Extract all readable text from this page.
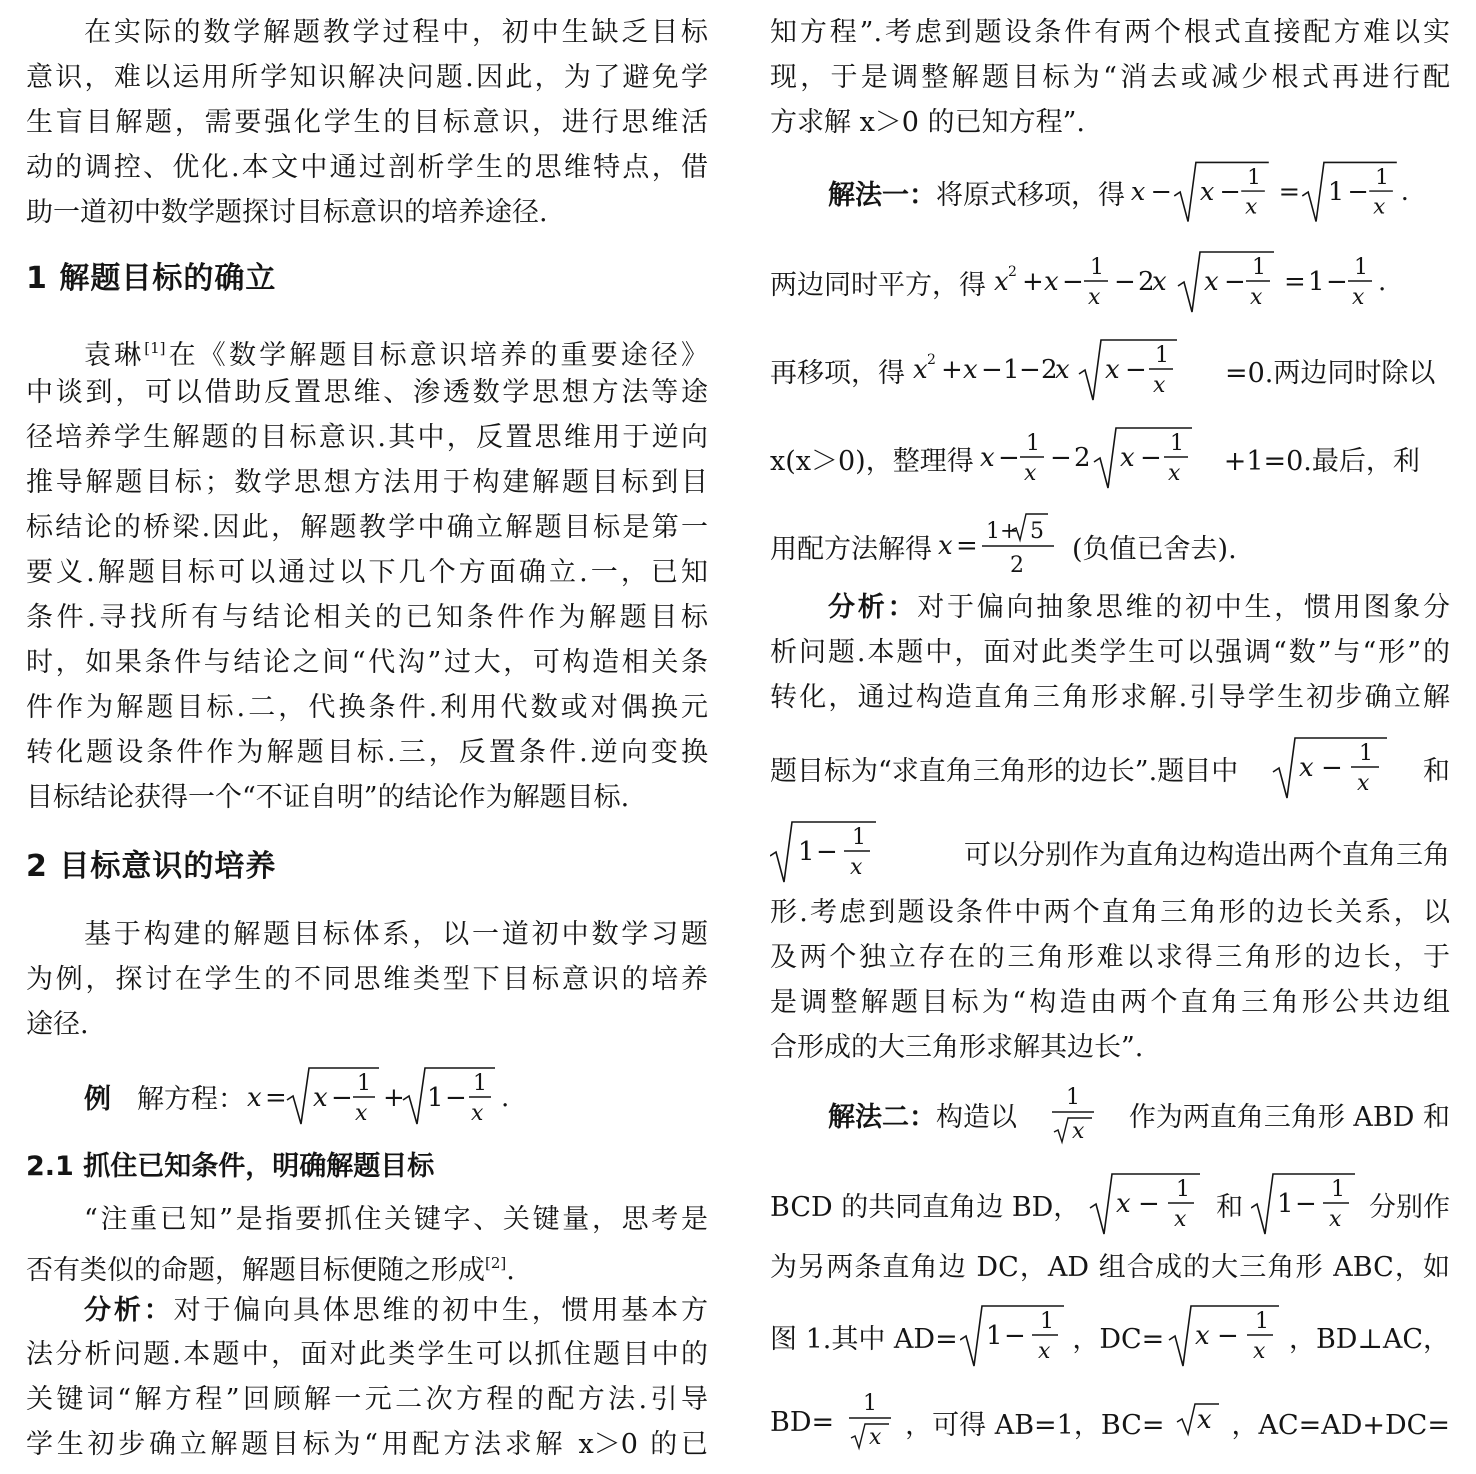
在实际的数学解题教学过程中，初中生缺乏目标
意识，难以运用所学知识解决问题.因此，为了避免学
生盲目解题，需要强化学生的目标意识，进行思维活
动的调控、优化.本文中通过剖析学生的思维特点，借
助一道初中数学题探讨目标意识的培养途径.
1 解题目标的确立
袁琳[1]在《数学解题目标意识培养的重要途径》
中谈到，可以借助反置思维、渗透数学思想方法等途
径培养学生解题的目标意识.其中，反置思维用于逆向
推导解题目标；数学思想方法用于构建解题目标到目
标结论的桥梁.因此，解题教学中确立解题目标是第一
要义.解题目标可以通过以下几个方面确立.一，已知
条件.寻找所有与结论相关的已知条件作为解题目标
时，如果条件与结论之间“代沟”过大，可构造相关条
件作为解题目标.二，代换条件.利用代数或对偶换元
转化题设条件作为解题目标.三，反置条件.逆向变换
目标结论获得一个“不证自明”的结论作为解题目标.
2 目标意识的培养
基于构建的解题目标体系，以一道初中数学习题
为例，探讨在学生的不同思维类型下目标意识的培养
途径.
例 解方程： x = x − 1
x
+ 1 − 1
x
.
2.1 抓住已知条件，明确解题目标
“注重已知”是指要抓住关键字、关键量，思考是
否有类似的命题，解题目标便随之形成[2].
分析：对于偏向具体思维的初中生，惯用基本方
法分析问题.本题中，面对此类学生可以抓住题目中的
关键词“解方程”回顾解一元二次方程的配方法.引导
学生初步确立解题目标为“用配方法求解 x＞0 的已
知方程”.考虑到题设条件有两个根式直接配方难以实
现，于是调整解题目标为“消去或减少根式再进行配
方求解 x＞0 的已知方程”.
解法一： 将原式移项，得 x − x − 1
x
= 1 − 1
x
.
两边同时平方，得 x 2 + x − 1
x
− 2
x x − 1
x
= 1 − 1
x
.
再移项，得 x 2 + x − 1 − 2
x x − 1
x =0.两边同时除以
x(x＞0)，整理得 x − 1
x
− 2 x − 1
x +1=0.最后，利
用配方法解得 x = 1+ 5
2
(负值已舍去).
分析：对于偏向抽象思维的初中生，惯用图象分
析问题.本题中，面对此类学生可以强调“数”与“形”的
转化，通过构造直角三角形求解.引导学生初步确立解
题目标为“求直角三角形的边长”.题目中 x − 1
x 和
1 − 1
x	可以分别作为直角边构造出两个直角三角
形.考虑到题设条件中两个直角三角形的边长关系，以
及两个独立存在的三角形难以求得三角形的边长，于
是调整解题目标为“构造由两个直角三角形公共边组
合形成的大三角形求解其边长”.
解法二： 构造以
1
x 作为两直角三角形 ABD 和
BCD 的共同直角边 BD， x − 1
x 和 1 − 1
x 分别作
为另两条直角边 DC，AD 组合成的大三角形 ABC，如
图 1.其中 AD= 1 − 1
x ，DC= x − 1
x ，BD⊥AC，
BD=
1
x ，可得 AB=1，BC= x ，AC=AD+DC=
